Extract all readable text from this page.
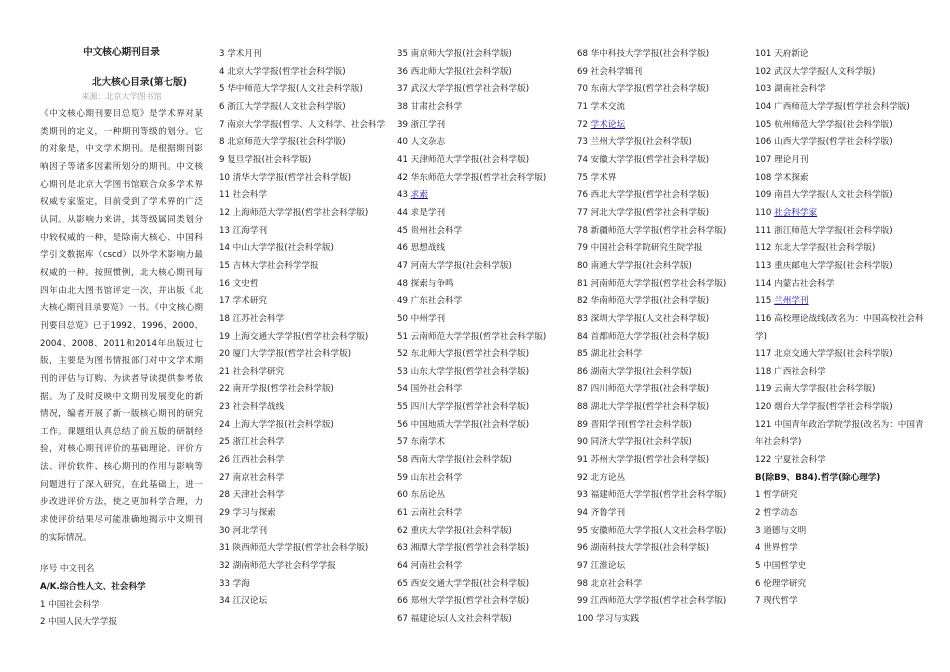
中文核心期刊目录
北大核心目录(第七版)
来源：北京大学图书馆
《中文核心期刊要目总览》是学术界对某类期刊的定义，一种期刊等级的划分。它的对象是，中文学术期刊。是根据期刊影响因子等诸多因素所划分的期刊。中文核心期刊是北京大学图书馆联合众多学术界权威专家鉴定，目前受到了学术界的广泛认同。从影响力来讲，其等级属同类划分中较权威的一种，是除南大核心、中国科学引文数据库（cscd）以外学术影响力最权威的一种。按照惯例，北大核心期刊每四年由北大图书馆评定一次，并出版《北大核心期刊目录要览》一书。《中文核心期刊要目总览》已于1992、1996、2000、2004、2008、2011和2014年出版过七版，主要是为图书情报部门对中文学术期刊的评估与订购、为读者导读提供参考依据。为了及时反映中文期刊发展变化的新情况，编者开展了新一版核心期刊的研究工作。课题组认真总结了前五版的研制经验，对核心期刊评价的基础理论、评价方法、评价软件、核心期刊的作用与影响等问题进行了深入研究，在此基础上，进一步改进评价方法，使之更加科学合理，力求使评价结果尽可能准确地揭示中文期刊的实际情况。
序号 中文刊名
A/K.综合性人文、社会科学
1 中国社会科学
2 中国人民大学学报
3 学术月刊
4 北京大学学报(哲学社会科学版)
5 华中师范大学学报(人文社会科学版)
6 浙江大学学报(人文社会科学版)
7 南京大学学报(哲学、人文科学、社会科学
8 北京师范大学学报(社会科学版)
9 复旦学报(社会科学版)
10 清华大学学报(哲学社会科学版)
11 社会科学
12 上海师范大学学报(哲学社会科学版)
13 江海学刊
14 中山大学学报(社会科学版)
15 吉林大学社会科学学报
16 文史哲
17 学术研究
18 江苏社会科学
19 上海交通大学学报(哲学社会科学版)
20 厦门大学学报(哲学社会科学版)
21 社会科学研究
22 南开学报(哲学社会科学版)
23 社会科学战线
24 上海大学学报(社会科学版)
25 浙江社会科学
26 江西社会科学
27 南京社会科学
28 天津社会科学
29 学习与探索
30 河北学刊
31 陕西师范大学学报(哲学社会科学版)
32 湖南师范大学社会科学学报
33 学海
34 江汉论坛
35 南京师大学报(社会科学版)
36 西北师大学报(社会科学版)
37 武汉大学学报(哲学社会科学版)
38 甘肃社会科学
39 浙江学刊
40 人文杂志
41 天津师范大学学报(社会科学版)
42 华东师范大学学报(哲学社会科学版)
43 求索
44 求是学刊
45 贵州社会科学
46 思想战线
47 河南大学学报(社会科学版)
48 探索与争鸣
49 广东社会科学
50 中州学刊
51 云南师范大学学报(哲学社会科学版)
52 东北师大学报(哲学社会科学版)
53 山东大学学报(哲学社会科学版)
54 国外社会科学
55 四川大学学报(哲学社会科学版)
56 中国地质大学学报(社会科学版)
57 东南学术
58 西南大学学报(社会科学版)
59 山东社会科学
60 东岳论丛
61 云南社会科学
62 重庆大学学报(社会科学版)
63 湘潭大学学报(哲学社会科学版)
64 河南社会科学
65 西安交通大学学报(社会科学版)
66 郑州大学学报(哲学社会科学版)
67 福建论坛(人文社会科学版)
68 华中科技大学学报(社会科学版)
69 社会科学辑刊
70 东南大学学报(哲学社会科学版)
71 学术交流
72 学术论坛
73 兰州大学学报(社会科学版)
74 安徽大学学报(哲学社会科学版)
75 学术界
76 西北大学学报(哲学社会科学版)
77 河北大学学报(哲学社会科学版)
78 新疆师范大学学报(哲学社会科学版)
79 中国社会科学院研究生院学报
80 南通大学学报(社会科学版)
81 河南师范大学学报(哲学社会科学版)
82 华南师范大学学报(社会科学版)
83 深圳大学学报(人文社会科学版)
84 首都师范大学学报(社会科学版)
85 湖北社会科学
86 湖南大学学报(社会科学版)
87 四川师范大学学报(社会科学版)
88 湖北大学学报(哲学社会科学版)
89 晋阳学刊(哲学社会科学版)
90 同济大学学报(社会科学版)
91 苏州大学学报(哲学社会科学版)
92 北方论丛
93 福建师范大学学报(哲学社会科学版)
94 齐鲁学刊
95 安徽师范大学学报(人文社会科学版)
96 湖南科技大学学报(社会科学版)
97 江淮论坛
98 北京社会科学
99 江西师范大学学报(哲学社会科学版)
100 学习与实践
101 天府新论
102 武汉大学学报(人文科学版)
103 湖南社会科学
104 广西师范大学学报(哲学社会科学版)
105 杭州师范大学学报(社会科学版)
106 山西大学学报(哲学社会科学版)
107 理论月刊
108 学术探索
109 南昌大学学报(人文社会科学版)
110 社会科学家
111 浙江师范大学学报(社会科学版)
112 东北大学学报(社会科学版)
113 重庆邮电大学学报(社会科学版)
114 内蒙古社会科学
115 兰州学刊
116 高校理论战线(改名为：中国高校社会科学)
117 北京交通大学学报(社会科学版)
118 广西社会科学
119 云南大学学报(社会科学版)
120 烟台大学学报(哲学社会科学版)
121 中国青年政治学院学报(改名为：中国青年社会科学)
122 宁夏社会科学
B(除B9、B84).哲学(除心理学)
1 哲学研究
2 哲学动态
3 道德与文明
4 世界哲学
5 中国哲学史
6 伦理学研究
7 现代哲学
